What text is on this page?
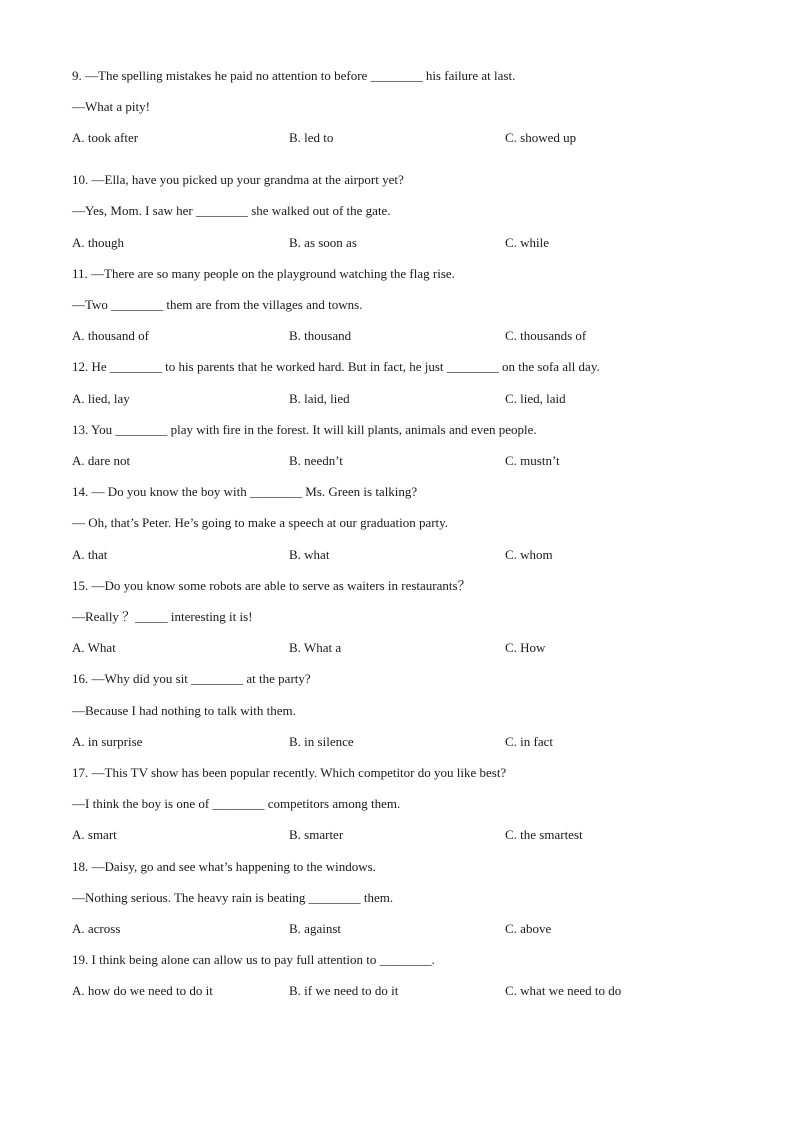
9. —The spelling mistakes he paid no attention to before ________ his failure at last.
—What a pity!
A. took after	B. led to	C. showed up
10. —Ella, have you picked up your grandma at the airport yet?
—Yes, Mom. I saw her ________ she walked out of the gate.
A. though	B. as soon as	C. while
11. —There are so many people on the playground watching the flag rise.
—Two ________ them are from the villages and towns.
A. thousand of	B. thousand	C. thousands of
12. He ________ to his parents that he worked hard. But in fact, he just ________ on the sofa all day.
A. lied, lay	B. laid, lied	C. lied, laid
13. You ________ play with fire in the forest. It will kill plants, animals and even people.
A. dare not	B. needn’t	C. mustn’t
14. — Do you know the boy with ________ Ms. Green is talking?
— Oh, that’s Peter. He’s going to make a speech at our graduation party.
A. that	B. what	C. whom
15. —Do you know some robots are able to serve as waiters in restaurants？
—Really ？_____ interesting it is!
A. What	B. What a	C. How
16. —Why did you sit ________ at the party?
—Because I had nothing to talk with them.
A. in surprise	B. in silence	C. in fact
17. —This TV show has been popular recently. Which competitor do you like best?
—I think the boy is one of ________ competitors among them.
A. smart	B. smarter	C. the smartest
18. —Daisy, go and see what’s happening to the windows.
—Nothing serious. The heavy rain is beating ________ them.
A. across	B. against	C. above
19. I think being alone can allow us to pay full attention to ________.
A. how do we need to do it	B. if we need to do it	C. what we need to do
